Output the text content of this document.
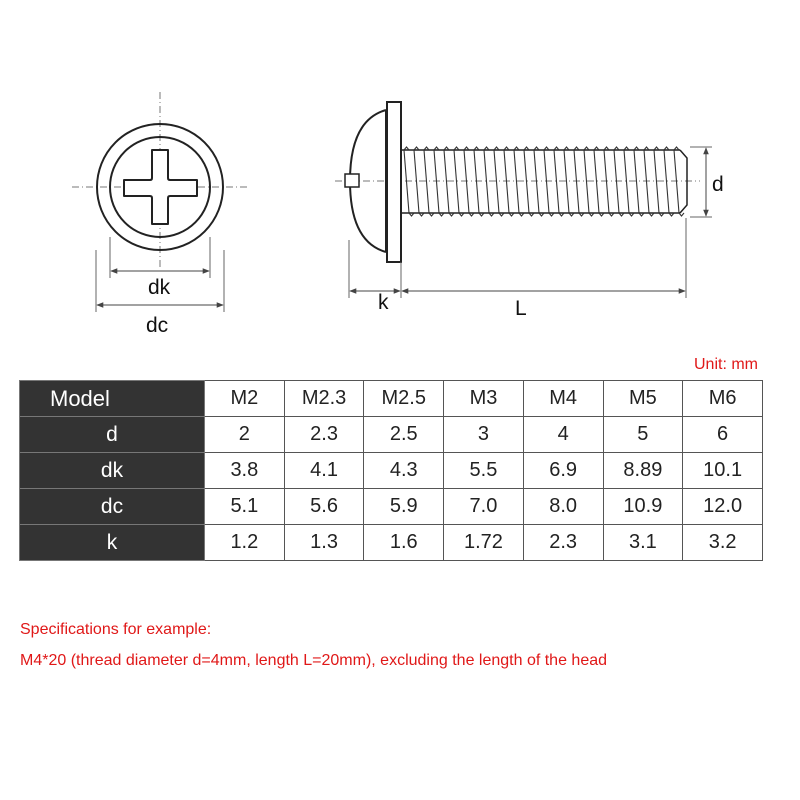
dk
dc
k	L
d
Unit: mm
Model	M2	M2.3	M2.5	M3	M4	M5	M6
d	2	2.3	2.5	3	4	5	6
dk	3.8	4.1	4.3	5.5	6.9	8.89	10.1
dc	5.1	5.6	5.9	7.0	8.0	10.9	12.0
k	1.2	1.3	1.6	1.72	2.3	3.1	3.2
Specifications for example:
M4*20 (thread diameter d=4mm, length L=20mm), excluding the length of the head
